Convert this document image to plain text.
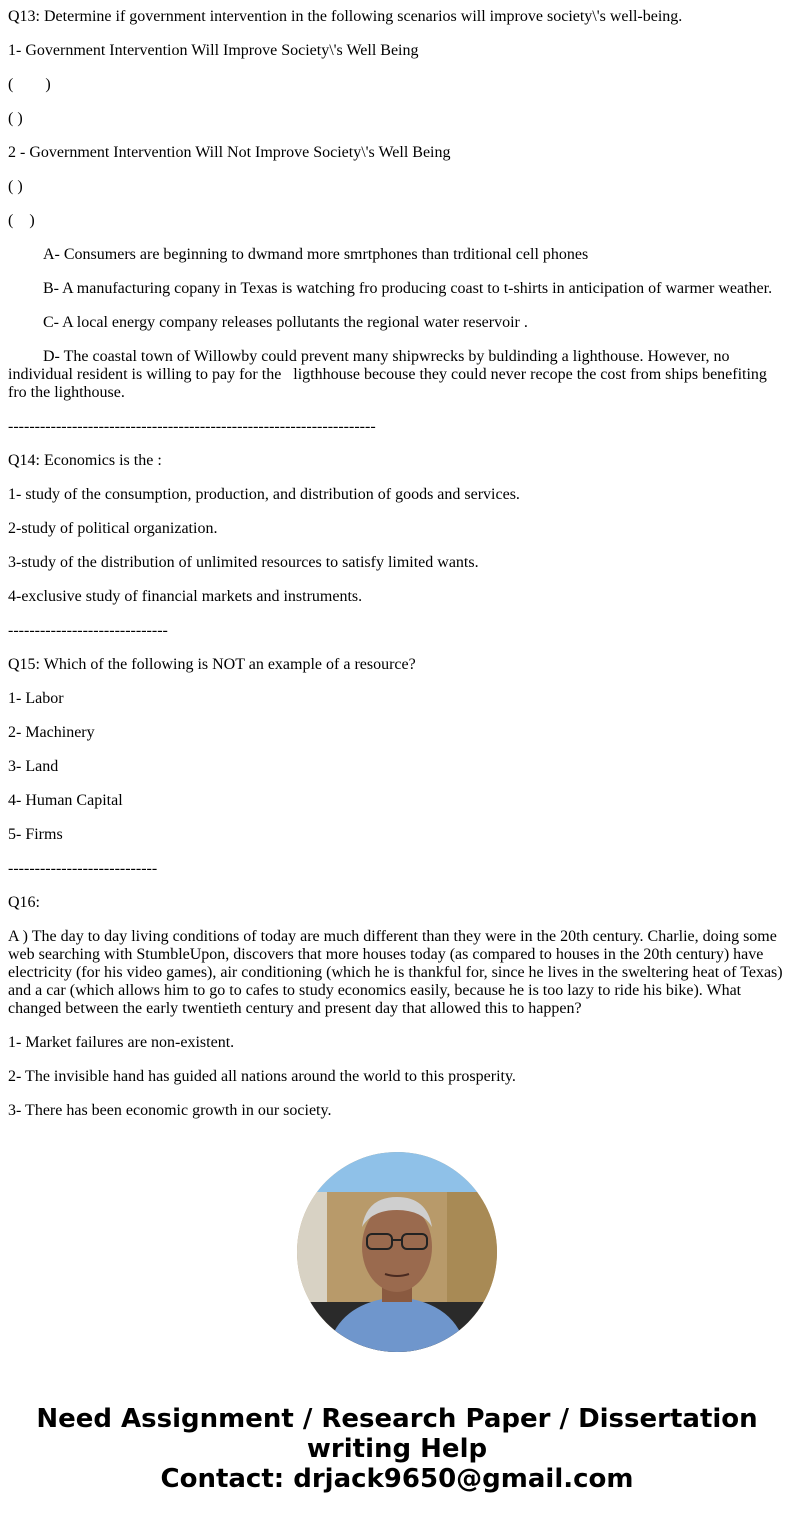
Q13: Determine if government intervention in the following scenarios will improve society\'s well-being.

1- Government Intervention Will Improve Society\'s Well Being

(        )

( )

2 - Government Intervention Will Not Improve Society\'s Well Being

( )

(    )

A- Consumers are beginning to dwmand more smrtphones than trditional cell phones

B- A manufacturing copany in Texas is watching fro producing coast to t-shirts in anticipation of warmer weather.

C- A local energy company releases pollutants the regional water reservoir .

D- The coastal town of Willowby could prevent many shipwrecks by buldinding a lighthouse. However, no individual resident is willing to pay for the   ligthhouse becouse they could never recope the cost from ships benefiting fro the lighthouse.

---------------------------------------------------------------------

Q14: Economics is the :

1- study of the consumption, production, and distribution of goods and services.

2-study of political organization.

3-study of the distribution of unlimited resources to satisfy limited wants.

4-exclusive study of financial markets and instruments.

------------------------------

Q15: Which of the following is NOT an example of a resource?

1- Labor

2- Machinery

3- Land

4- Human Capital

5- Firms

----------------------------

Q16:

A ) The day to day living conditions of today are much different than they were in the 20th century. Charlie, doing some web searching with StumbleUpon, discovers that more houses today (as compared to houses in the 20th century) have electricity (for his video games), air conditioning (which he is thankful for, since he lives in the sweltering heat of Texas) and a car (which allows him to go to cafes to study economics easily, because he is too lazy to ride his bike). What changed between the early twentieth century and present day that allowed this to happen?

1- Market failures are non-existent.

2- The invisible hand has guided all nations around the world to this prosperity.

3- There has been economic growth in our society.

Need Assignment / Research Paper / Dissertation writing Help
Contact: drjack9650@gmail.com
